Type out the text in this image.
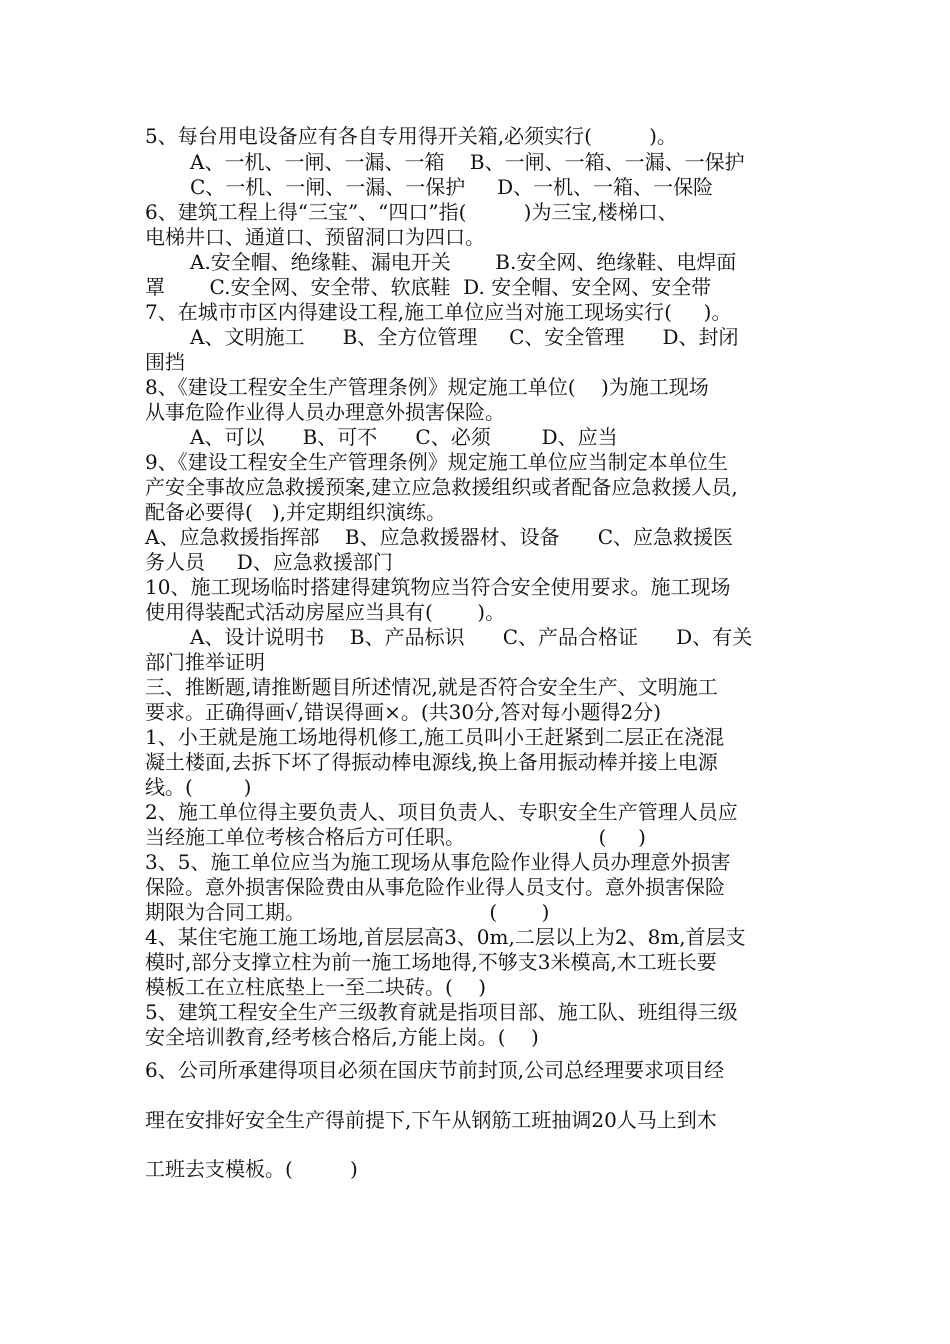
5、每台用电设备应有各自专用得开关箱,必须实行(         )。

A、一机、一闸、一漏、一箱    B、一闸、一箱、一漏、一保护

C、一机、一闸、一漏、一保护     D、一机、一箱、一保险

6、建筑工程上得“三宝”、“四口”指(         )为三宝,楼梯口、

电梯井口、通道口、预留洞口为四口。

A.安全帽、绝缘鞋、漏电开关       B.安全网、绝缘鞋、电焊面

罩       C.安全网、安全带、软底鞋  D. 安全帽、安全网、安全带

7、在城市市区内得建设工程,施工单位应当对施工现场实行(     )。

A、文明施工      B、全方位管理     C、安全管理      D、封闭

围挡

8、《建设工程安全生产管理条例》规定施工单位(    )为施工现场

从事危险作业得人员办理意外损害保险。

A、可以      B、可不      C、必须        D、应当

9、《建设工程安全生产管理条例》规定施工单位应当制定本单位生

产安全事故应急救援预案,建立应急救援组织或者配备应急救援人员,

配备必要得(   ),并定期组织演练。

A、应急救援指挥部    B、应急救援器材、设备      C、应急救援医

务人员     D、应急救援部门

10、施工现场临时搭建得建筑物应当符合安全使用要求。施工现场

使用得装配式活动房屋应当具有(       )。

A、设计说明书    B、产品标识      C、产品合格证      D、有关

部门推举证明

三、推断题,请推断题目所述情况,就是否符合安全生产、文明施工

要求。正确得画√,错误得画×。(共30分,答对每小题得2分)

1、小王就是施工场地得机修工,施工员叫小王赶紧到二层正在浇混

凝土楼面,去拆下坏了得振动棒电源线,换上备用振动棒并接上电源

线。(        )

2、施工单位得主要负责人、项目负责人、专职安全生产管理人员应

当经施工单位考核合格后方可任职。                     (     )

3、5、施工单位应当为施工现场从事危险作业得人员办理意外损害

保险。意外损害保险费由从事危险作业得人员支付。意外损害保险

期限为合同工期。                             (       )

4、某住宅施工施工场地,首层层高3、0m,二层以上为2、8m,首层支

模时,部分支撑立柱为前一施工场地得,不够支3米模高,木工班长要

模板工在立柱底垫上一至二块砖。(    )

5、建筑工程安全生产三级教育就是指项目部、施工队、班组得三级

安全培训教育,经考核合格后,方能上岗。(    )

6、公司所承建得项目必须在国庆节前封顶,公司总经理要求项目经

理在安排好安全生产得前提下,下午从钢筋工班抽调20人马上到木

工班去支模板。(         )
